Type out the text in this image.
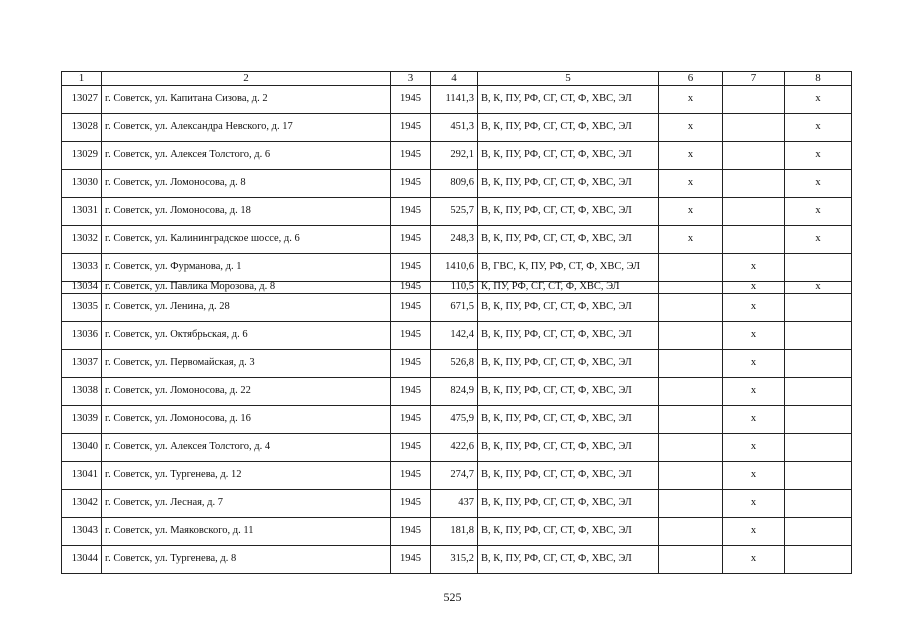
1	2	3	4	5	6	7	8
13027	г. Советск, ул. Капитана Сизова, д. 2	1945	1141,3	В, К, ПУ, РФ, СГ, СТ, Ф, ХВС, ЭЛ	x		x
13028	г. Советск, ул. Александра Невского, д. 17	1945	451,3	В, К, ПУ, РФ, СГ, СТ, Ф, ХВС, ЭЛ	x		x
13029	г. Советск, ул. Алексея Толстого, д. 6	1945	292,1	В, К, ПУ, РФ, СГ, СТ, Ф, ХВС, ЭЛ	x		x
13030	г. Советск, ул. Ломоносова, д. 8	1945	809,6	В, К, ПУ, РФ, СГ, СТ, Ф, ХВС, ЭЛ	x		x
13031	г. Советск, ул. Ломоносова, д. 18	1945	525,7	В, К, ПУ, РФ, СГ, СТ, Ф, ХВС, ЭЛ	x		x
13032	г. Советск, ул. Калининградское шоссе, д. 6	1945	248,3	В, К, ПУ, РФ, СГ, СТ, Ф, ХВС, ЭЛ	x		x
13033	г. Советск, ул. Фурманова, д. 1	1945	1410,6	В, ГВС, К, ПУ, РФ, СТ, Ф, ХВС, ЭЛ		x	
13034	г. Советск, ул. Павлика Морозова, д. 8	1945	110,5	К, ПУ, РФ, СГ, СТ, Ф, ХВС, ЭЛ		x	x
13035	г. Советск, ул. Ленина, д. 28	1945	671,5	В, К, ПУ, РФ, СГ, СТ, Ф, ХВС, ЭЛ		x	
13036	г. Советск, ул. Октябрьская, д. 6	1945	142,4	В, К, ПУ, РФ, СГ, СТ, Ф, ХВС, ЭЛ		x	
13037	г. Советск, ул. Первомайская, д. 3	1945	526,8	В, К, ПУ, РФ, СГ, СТ, Ф, ХВС, ЭЛ		x	
13038	г. Советск, ул. Ломоносова, д. 22	1945	824,9	В, К, ПУ, РФ, СГ, СТ, Ф, ХВС, ЭЛ		x	
13039	г. Советск, ул. Ломоносова, д. 16	1945	475,9	В, К, ПУ, РФ, СГ, СТ, Ф, ХВС, ЭЛ		x	
13040	г. Советск, ул. Алексея Толстого, д. 4	1945	422,6	В, К, ПУ, РФ, СГ, СТ, Ф, ХВС, ЭЛ		x	
13041	г. Советск, ул. Тургенева, д. 12	1945	274,7	В, К, ПУ, РФ, СГ, СТ, Ф, ХВС, ЭЛ		x	
13042	г. Советск, ул. Лесная, д. 7	1945	437	В, К, ПУ, РФ, СГ, СТ, Ф, ХВС, ЭЛ		x	
13043	г. Советск, ул. Маяковского, д. 11	1945	181,8	В, К, ПУ, РФ, СГ, СТ, Ф, ХВС, ЭЛ		x	
13044	г. Советск, ул. Тургенева, д. 8	1945	315,2	В, К, ПУ, РФ, СГ, СТ, Ф, ХВС, ЭЛ		x	
525
